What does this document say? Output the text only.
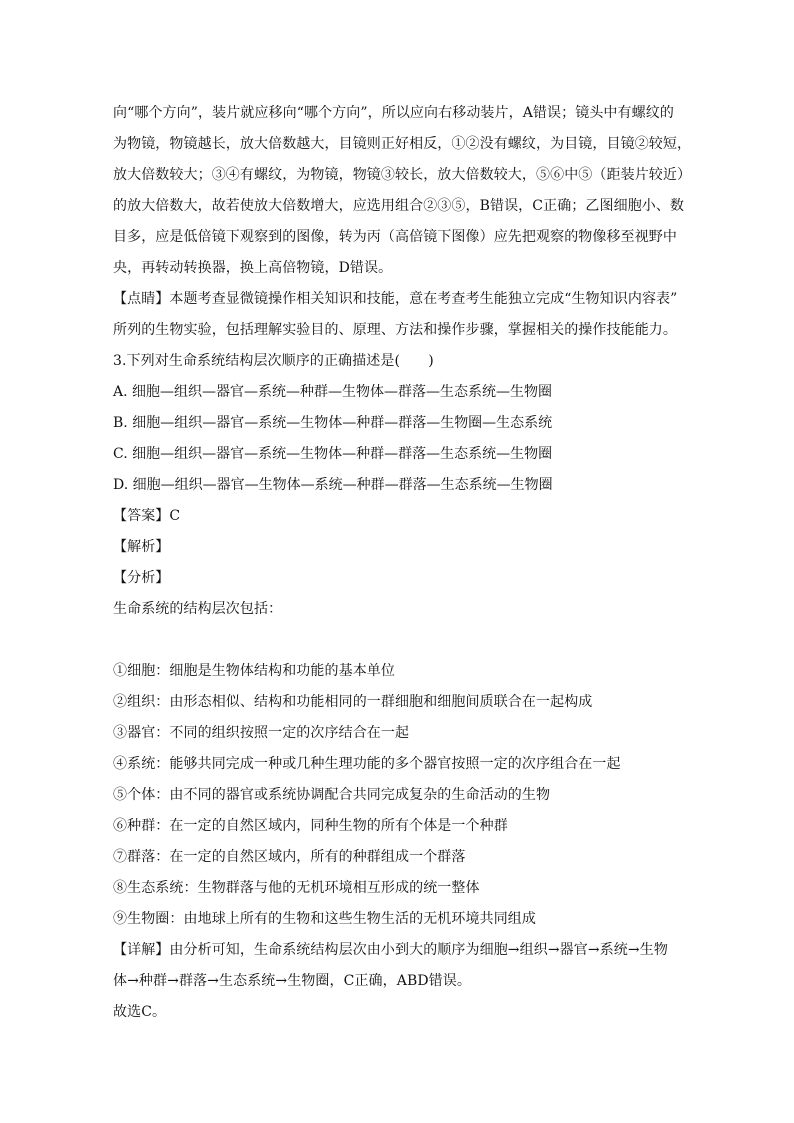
向“哪个方向”，装片就应移向“哪个方向”，所以应向右移动装片，A错误；镜头中有螺纹的
为物镜，物镜越长，放大倍数越大，目镜则正好相反，①②没有螺纹，为目镜，目镜②较短，
放大倍数较大；③④有螺纹，为物镜，物镜③较长，放大倍数较大，⑤⑥中⑤（距装片较近）
的放大倍数大，故若使放大倍数增大，应选用组合②③⑤，B错误，C正确；乙图细胞小、数
目多，应是低倍镜下观察到的图像，转为丙（高倍镜下图像）应先把观察的物像移至视野中
央，再转动转换器，换上高倍物镜，D错误。
【点睛】本题考查显微镜操作相关知识和技能，意在考查考生能独立完成“生物知识内容表”
所列的生物实验，包括理解实验目的、原理、方法和操作步骤，掌握相关的操作技能能力。
3.下列对生命系统结构层次顺序的正确描述是(　　)
A. 细胞—组织—器官—系统—种群—生物体—群落—生态系统—生物圈
B. 细胞—组织—器官—系统—生物体—种群—群落—生物圈—生态系统
C. 细胞—组织—器官—系统—生物体—种群—群落—生态系统—生物圈
D. 细胞—组织—器官—生物体—系统—种群—群落—生态系统—生物圈
【答案】C
【解析】
【分析】
生命系统的结构层次包括：
①细胞：细胞是生物体结构和功能的基本单位
②组织：由形态相似、结构和功能相同的一群细胞和细胞间质联合在一起构成
③器官：不同的组织按照一定的次序结合在一起
④系统：能够共同完成一种或几种生理功能的多个器官按照一定的次序组合在一起
⑤个体：由不同的器官或系统协调配合共同完成复杂的生命活动的生物
⑥种群：在一定的自然区域内，同种生物的所有个体是一个种群
⑦群落：在一定的自然区域内，所有的种群组成一个群落
⑧生态系统：生物群落与他的无机环境相互形成的统一整体
⑨生物圈：由地球上所有的生物和这些生物生活的无机环境共同组成
【详解】由分析可知，生命系统结构层次由小到大的顺序为细胞→组织→器官→系统→生物
体→种群→群落→生态系统→生物圈，C正确，ABD错误。
故选C。
